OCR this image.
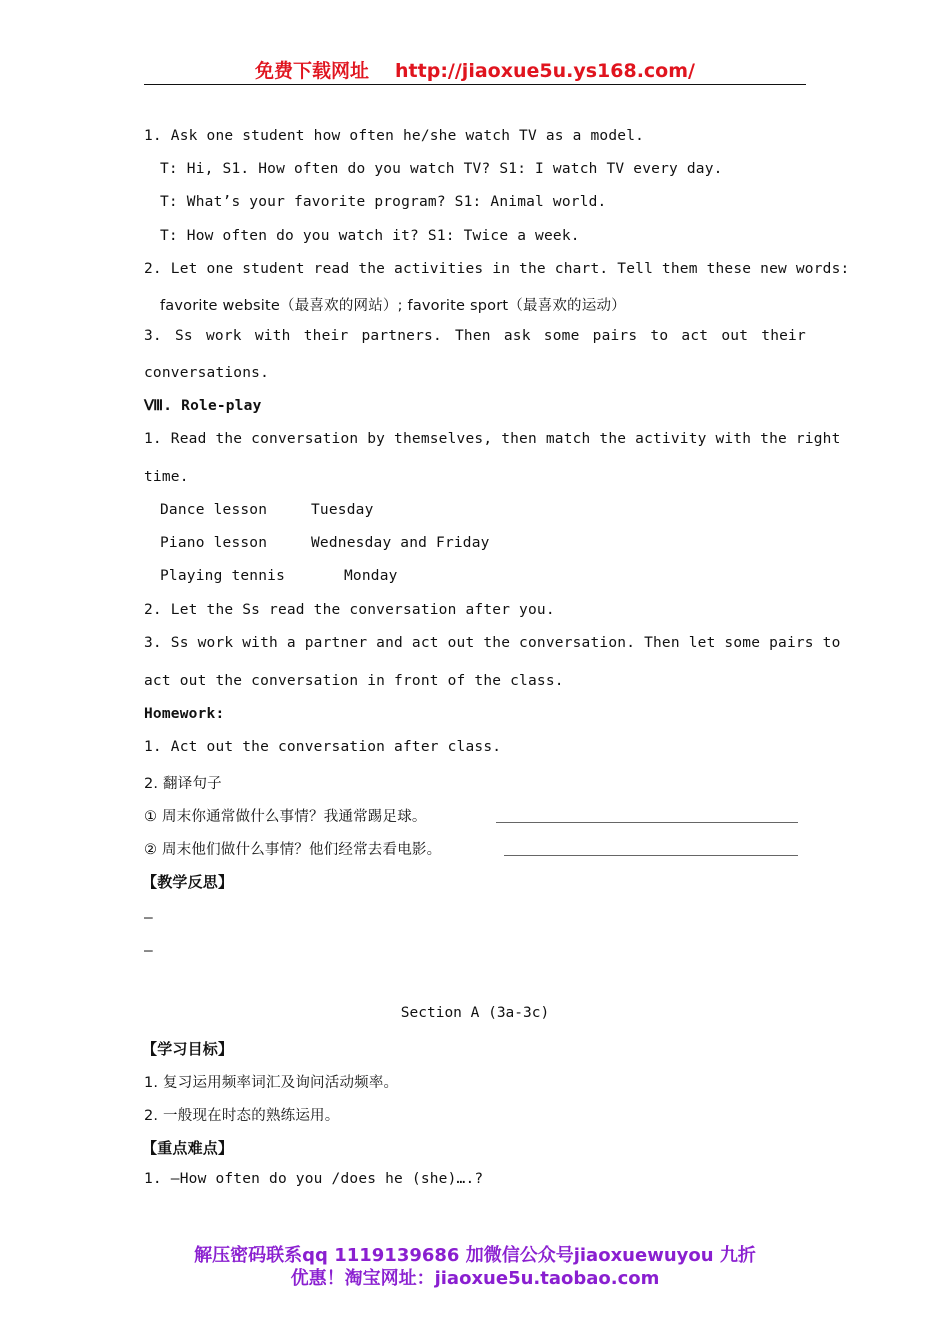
免费下载网址 http://jiaoxue5u.ys168.com/
1. Ask one student how often he/she watch TV as a model.
T: Hi, S1. How often do you watch TV? S1: I watch TV every day.
T: What’s your favorite program? S1: Animal world.
T: How often do you watch it? S1: Twice a week.
2. Let one student read the activities in the chart. Tell them these new words:
favorite website（最喜欢的网站）; favorite sport（最喜欢的运动）
3. Ss work with their partners. Then ask some pairs to act out their
conversations.
Ⅷ. Role-play
1. Read the conversation by themselves, then match the activity with the right
time.
Dance lesson	Tuesday
Piano lesson	Wednesday and Friday
Playing tennis	Monday
2. Let the Ss read the conversation after you.
3. Ss work with a partner and act out the conversation. Then let some pairs to
act out the conversation in front of the class.
Homework:
1. Act out the conversation after class.
2. 翻译句子
① 周末你通常做什么事情？我通常踢足球。
② 周末他们做什么事情？他们经常去看电影。
【教学反思】
–
–
Section A (3a-3c)
【学习目标】
1. 复习运用频率词汇及询问活动频率。
2. 一般现在时态的熟练运用。
【重点难点】
1. —How often do you /does he (she)….?
解压密码联系qq 1119139686 加微信公众号jiaoxuewuyou 九折
优惠！淘宝网址：jiaoxue5u.taobao.com
